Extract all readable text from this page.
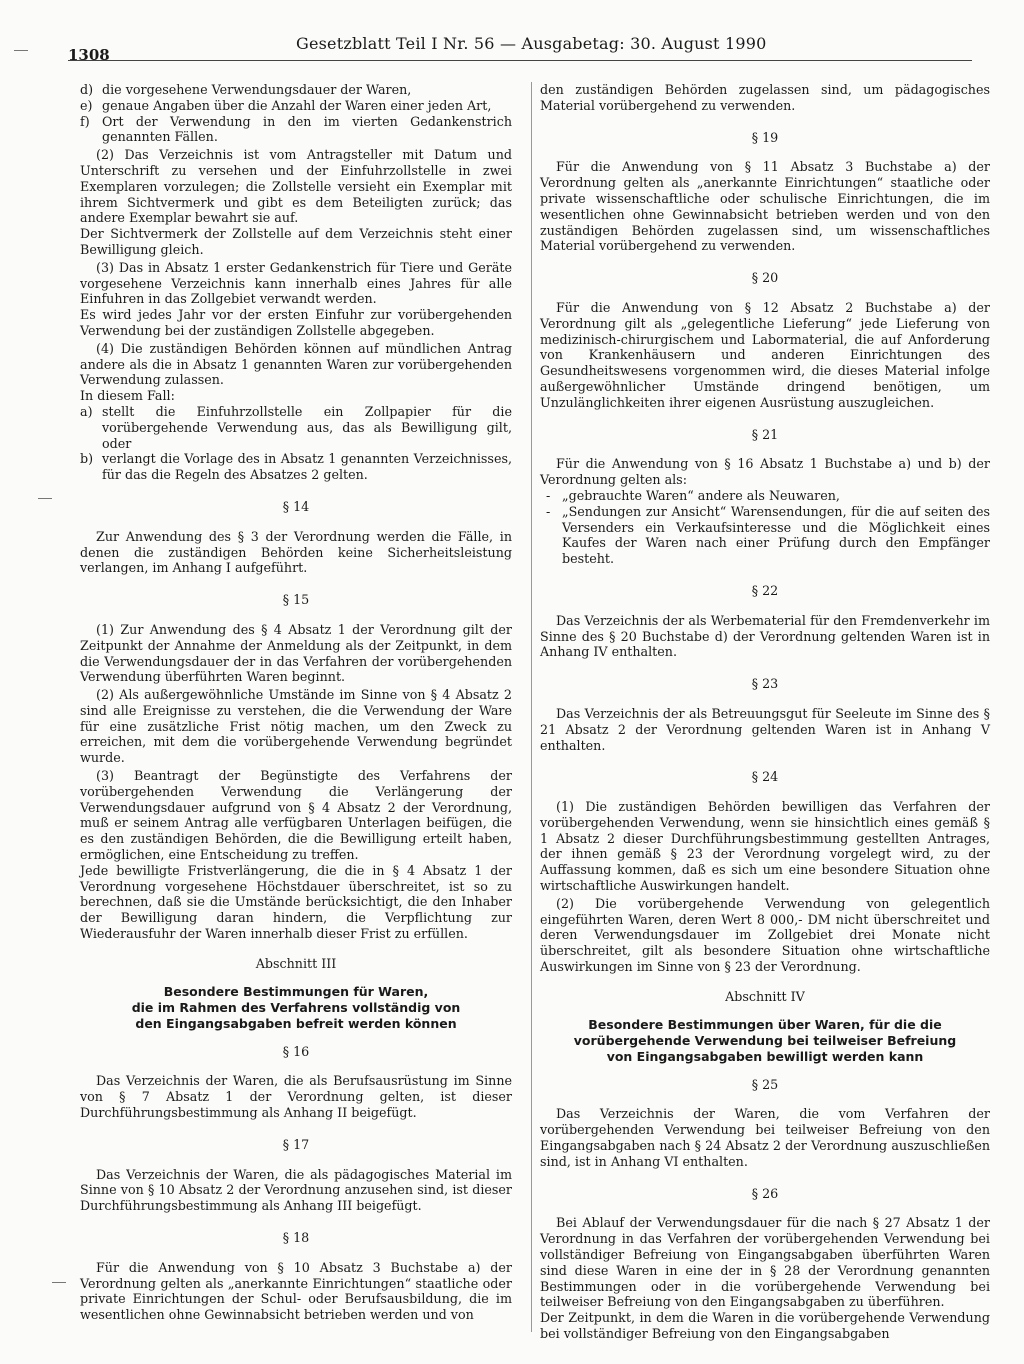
1308
Gesetzblatt Teil I Nr. 56 — Ausgabetag: 30. August 1990
d) die vorgesehene Verwendungsdauer der Waren,
e) genaue Angaben über die Anzahl der Waren einer jeden Art,
f) Ort der Verwendung in den im vierten Gedankenstrich genannten Fällen.

(2) Das Verzeichnis ist vom Antragsteller mit Datum und Unterschrift zu versehen und der Einfuhrzollstelle in zwei Exemplaren vorzulegen; die Zollstelle versieht ein Exemplar mit ihrem Sichtvermerk und gibt es dem Beteiligten zurück; das andere Exemplar bewahrt sie auf.

Der Sichtvermerk der Zollstelle auf dem Verzeichnis steht einer Bewilligung gleich.

(3) Das in Absatz 1 erster Gedankenstrich für Tiere und Geräte vorgesehene Verzeichnis kann innerhalb eines Jahres für alle Einfuhren in das Zollgebiet verwandt werden.

Es wird jedes Jahr vor der ersten Einfuhr zur vorübergehenden Verwendung bei der zuständigen Zollstelle abgegeben.

(4) Die zuständigen Behörden können auf mündlichen Antrag andere als die in Absatz 1 genannten Waren zur vorübergehenden Verwendung zulassen.

In diesem Fall:

a) stellt die Einfuhrzollstelle ein Zollpapier für die vorübergehende Verwendung aus, das als Bewilligung gilt, oder
b) verlangt die Vorlage des in Absatz 1 genannten Verzeichnisses, für das die Regeln des Absatzes 2 gelten.

§ 14

Zur Anwendung des § 3 der Verordnung werden die Fälle, in denen die zuständigen Behörden keine Sicherheitsleistung verlangen, im Anhang I aufgeführt.

§ 15

(1) Zur Anwendung des § 4 Absatz 1 der Verordnung gilt der Zeitpunkt der Annahme der Anmeldung als der Zeitpunkt, in dem die Verwendungsdauer der in das Verfahren der vorübergehenden Verwendung überführten Waren beginnt.

(2) Als außergewöhnliche Umstände im Sinne von § 4 Absatz 2 sind alle Ereignisse zu verstehen, die die Verwendung der Ware für eine zusätzliche Frist nötig machen, um den Zweck zu erreichen, mit dem die vorübergehende Verwendung begründet wurde.

(3) Beantragt der Begünstigte des Verfahrens der vorübergehenden Verwendung die Verlängerung der Verwendungsdauer aufgrund von § 4 Absatz 2 der Verordnung, muß er seinem Antrag alle verfügbaren Unterlagen beifügen, die es den zuständigen Behörden, die die Bewilligung erteilt haben, ermöglichen, eine Entscheidung zu treffen.

Jede bewilligte Fristverlängerung, die die in § 4 Absatz 1 der Verordnung vorgesehene Höchstdauer überschreitet, ist so zu berechnen, daß sie die Umstände berücksichtigt, die den Inhaber der Bewilligung daran hindern, die Verpflichtung zur Wiederausfuhr der Waren innerhalb dieser Frist zu erfüllen.

Abschnitt III

Besondere Bestimmungen für Waren,
die im Rahmen des Verfahrens vollständig von
den Eingangsabgaben befreit werden können

§ 16

Das Verzeichnis der Waren, die als Berufsausrüstung im Sinne von § 7 Absatz 1 der Verordnung gelten, ist dieser Durchführungsbestimmung als Anhang II beigefügt.

§ 17

Das Verzeichnis der Waren, die als pädagogisches Material im Sinne von § 10 Absatz 2 der Verordnung anzusehen sind, ist dieser Durchführungsbestimmung als Anhang III beigefügt.

§ 18

Für die Anwendung von § 10 Absatz 3 Buchstabe a) der Verordnung gelten als „anerkannte Einrichtungen“ staatliche oder private Einrichtungen der Schul- oder Berufsausbildung, die im wesentlichen ohne Gewinnabsicht betrieben werden und von

den zuständigen Behörden zugelassen sind, um pädagogisches Material vorübergehend zu verwenden.

§ 19

Für die Anwendung von § 11 Absatz 3 Buchstabe a) der Verordnung gelten als „anerkannte Einrichtungen“ staatliche oder private wissenschaftliche oder schulische Einrichtungen, die im wesentlichen ohne Gewinnabsicht betrieben werden und von den zuständigen Behörden zugelassen sind, um wissenschaftliches Material vorübergehend zu verwenden.

§ 20

Für die Anwendung von § 12 Absatz 2 Buchstabe a) der Verordnung gilt als „gelegentliche Lieferung“ jede Lieferung von medizinisch-chirurgischem und Labormaterial, die auf Anforderung von Krankenhäusern und anderen Einrichtungen des Gesundheitswesens vorgenommen wird, die dieses Material infolge außergewöhnlicher Umstände dringend benötigen, um Unzulänglichkeiten ihrer eigenen Ausrüstung auszugleichen.

§ 21

Für die Anwendung von § 16 Absatz 1 Buchstabe a) und b) der Verordnung gelten als:

- „gebrauchte Waren“ andere als Neuwaren,
- „Sendungen zur Ansicht“ Warensendungen, für die auf seiten des Versenders ein Verkaufsinteresse und die Möglichkeit eines Kaufes der Waren nach einer Prüfung durch den Empfänger besteht.

§ 22

Das Verzeichnis der als Werbematerial für den Fremdenverkehr im Sinne des § 20 Buchstabe d) der Verordnung geltenden Waren ist in Anhang IV enthalten.

§ 23

Das Verzeichnis der als Betreuungsgut für Seeleute im Sinne des § 21 Absatz 2 der Verordnung geltenden Waren ist in Anhang V enthalten.

§ 24

(1) Die zuständigen Behörden bewilligen das Verfahren der vorübergehenden Verwendung, wenn sie hinsichtlich eines gemäß § 1 Absatz 2 dieser Durchführungsbestimmung gestellten Antrages, der ihnen gemäß § 23 der Verordnung vorgelegt wird, zu der Auffassung kommen, daß es sich um eine besondere Situation ohne wirtschaftliche Auswirkungen handelt.

(2) Die vorübergehende Verwendung von gelegentlich eingeführten Waren, deren Wert 8 000,- DM nicht überschreitet und deren Verwendungsdauer im Zollgebiet drei Monate nicht überschreitet, gilt als besondere Situation ohne wirtschaftliche Auswirkungen im Sinne von § 23 der Verordnung.

Abschnitt IV

Besondere Bestimmungen über Waren, für die die
vorübergehende Verwendung bei teilweiser Befreiung
von Eingangsabgaben bewilligt werden kann

§ 25

Das Verzeichnis der Waren, die vom Verfahren der vorübergehenden Verwendung bei teilweiser Befreiung von den Eingangsabgaben nach § 24 Absatz 2 der Verordnung auszuschließen sind, ist in Anhang VI enthalten.

§ 26

Bei Ablauf der Verwendungsdauer für die nach § 27 Absatz 1 der Verordnung in das Verfahren der vorübergehenden Verwendung bei vollständiger Befreiung von Eingangsabgaben überführten Waren sind diese Waren in eine der in § 28 der Verordnung genannten Bestimmungen oder in die vorübergehende Verwendung bei teilweiser Befreiung von den Eingangsabgaben zu überführen.

Der Zeitpunkt, in dem die Waren in die vorübergehende Verwendung bei vollständiger Befreiung von den Eingangsabgaben
